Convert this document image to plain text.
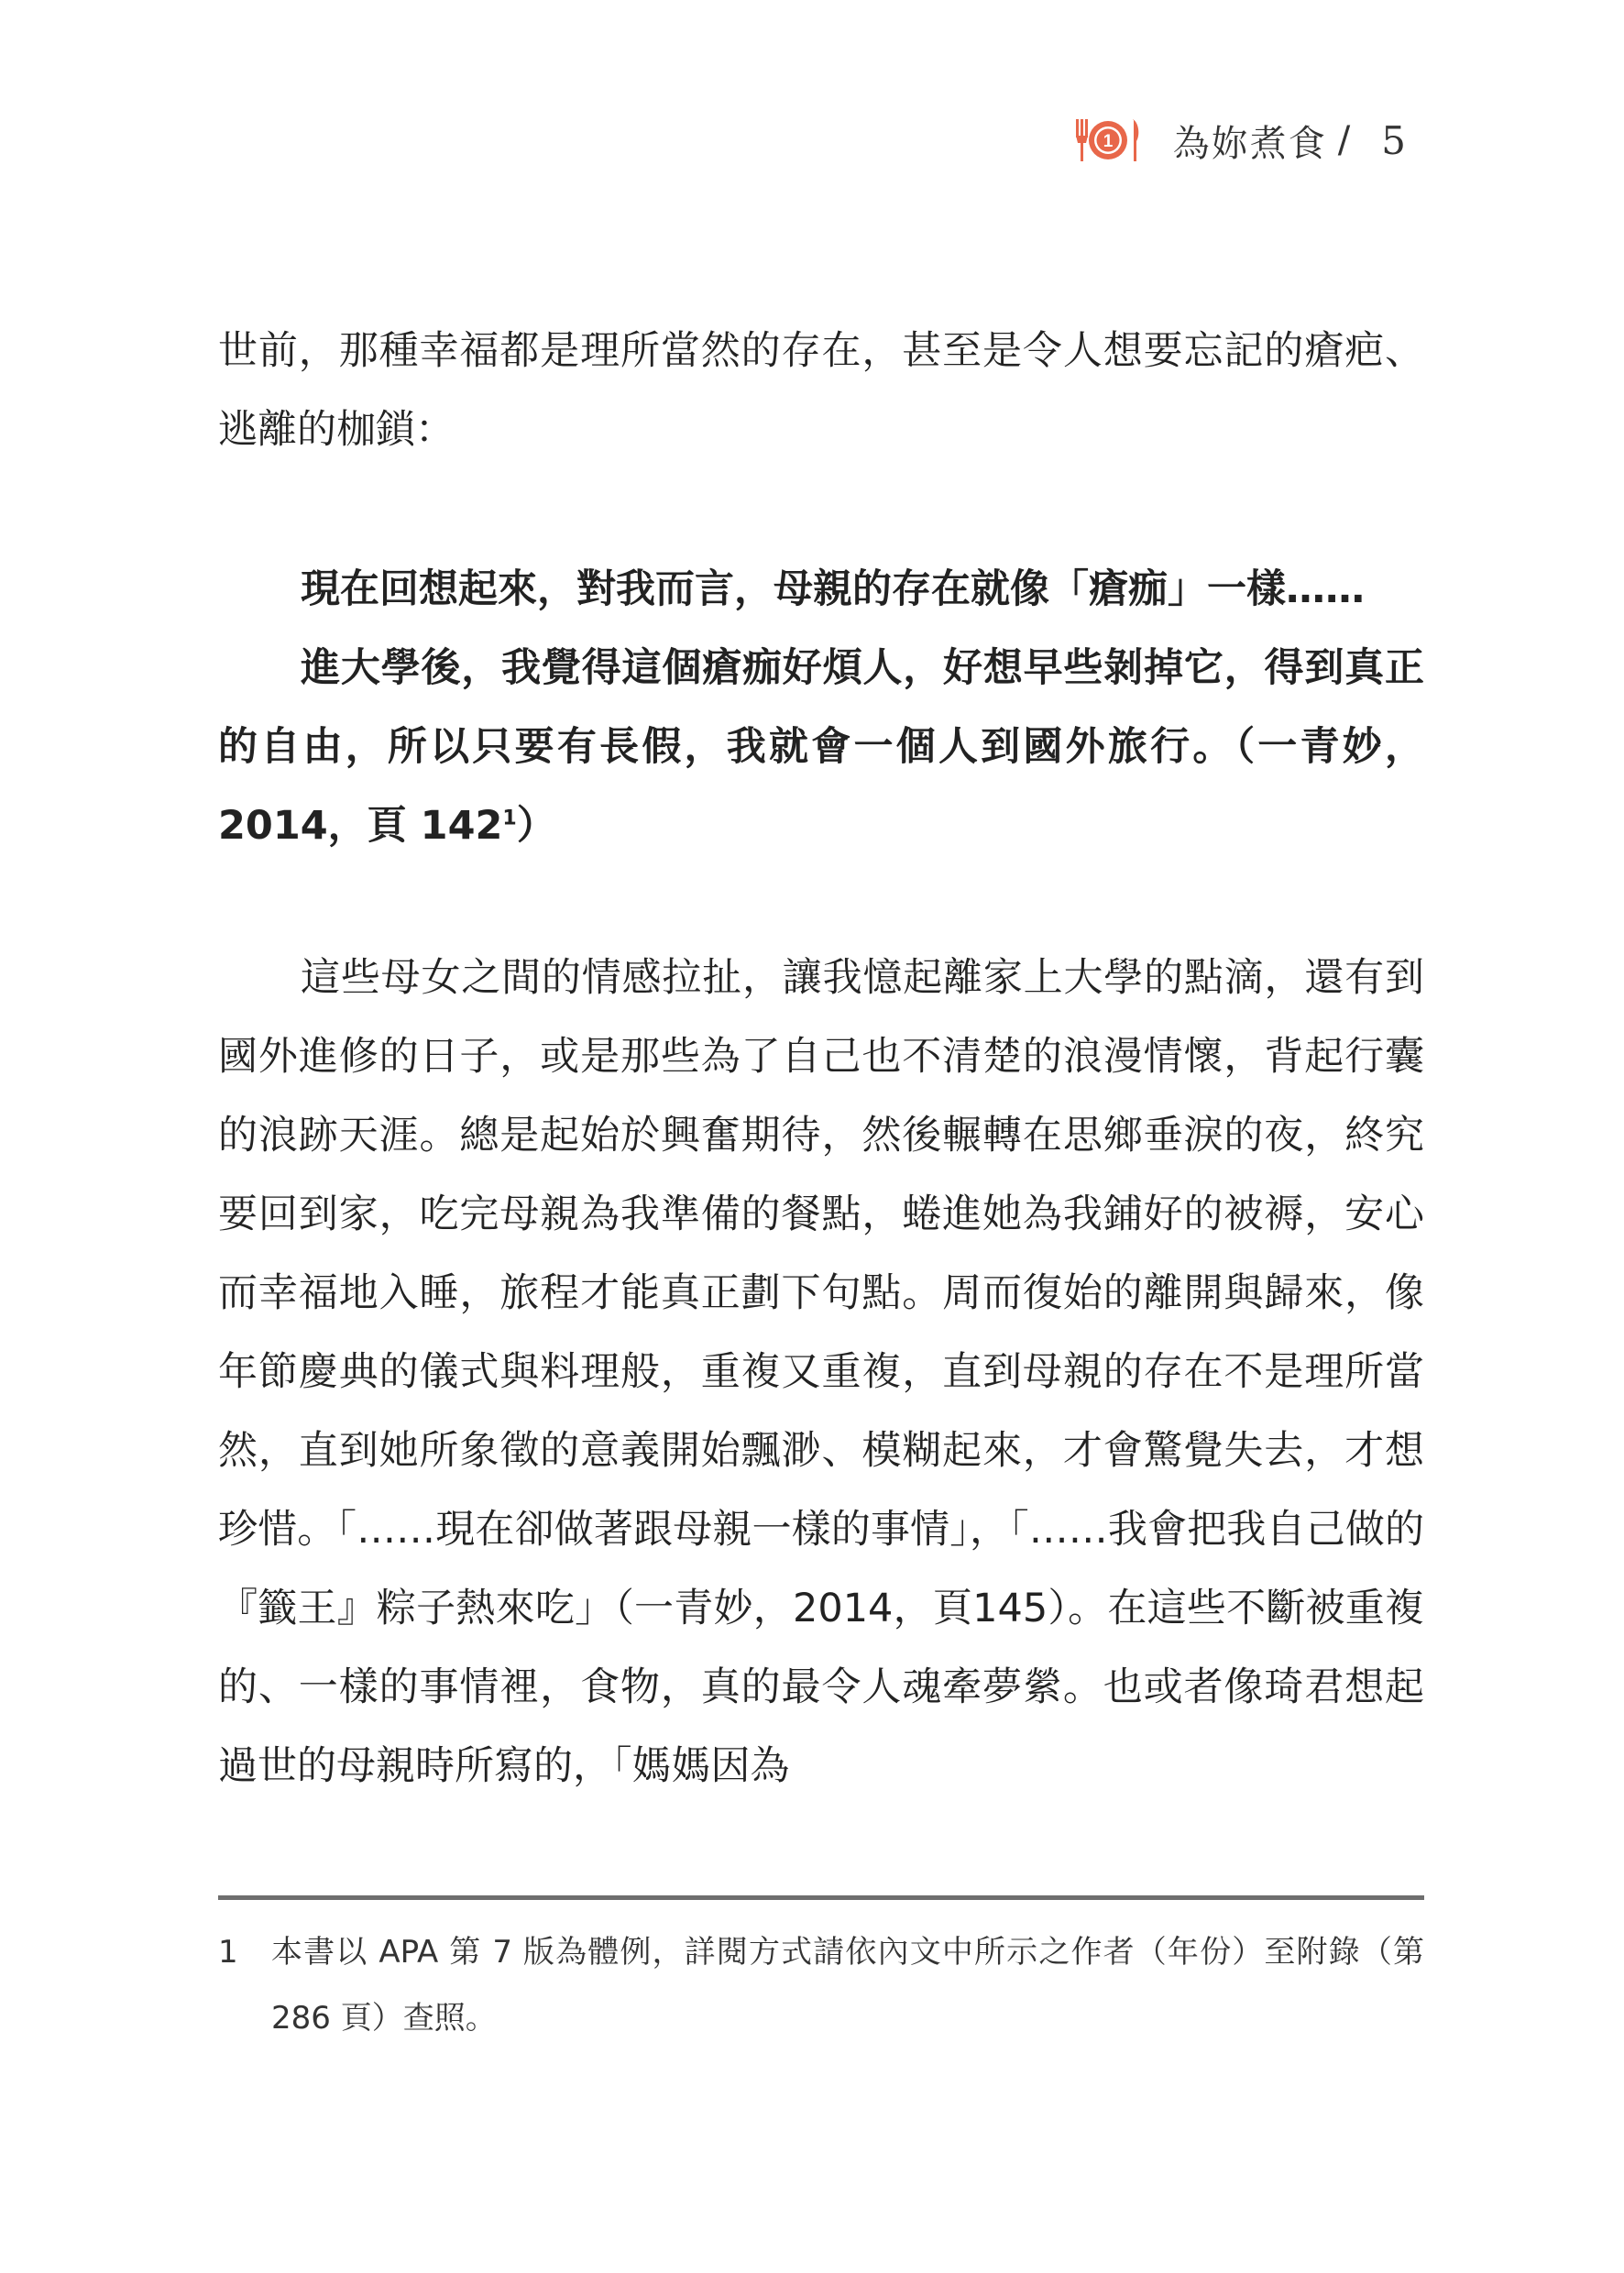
1 為妳煮食 / 5

世前，那種幸福都是理所當然的存在，甚至是令人想要忘記的瘡疤、逃離的枷鎖：

現在回想起來，對我而言，母親的存在就像「瘡痂」一樣……

進大學後，我覺得這個瘡痂好煩人，好想早些剝掉它，得到真正的自由，所以只要有長假，我就會一個人到國外旅行。（一青妙，2014，頁 $142^1$）

這些母女之間的情感拉扯，讓我憶起離家上大學的點滴，還有到國外進修的日子，或是那些為了自己也不清楚的浪漫情懷，背起行囊的浪跡天涯。總是起始於興奮期待，然後輾轉在思鄉垂淚的夜，終究要回到家，吃完母親為我準備的餐點，蜷進她為我鋪好的被褥，安心而幸福地入睡，旅程才能真正劃下句點。周而復始的離開與歸來，像年節慶典的儀式與料理般，重複又重複，直到母親的存在不是理所當然，直到她所象徵的意義開始飄渺、模糊起來，才會驚覺失去，才想珍惜。「……現在卻做著跟母親一樣的事情」，「……我會把我自己做的『籤王』粽子熱來吃」（一青妙，2014，頁145）。在這些不斷被重複的、一樣的事情裡，食物，真的最令人魂牽夢縈。也或者像琦君想起過世的母親時所寫的，「媽媽因為

1 本書以 APA 第 7 版為體例，詳閱方式請依內文中所示之作者（年份）至附錄（第 286 頁）查照。
